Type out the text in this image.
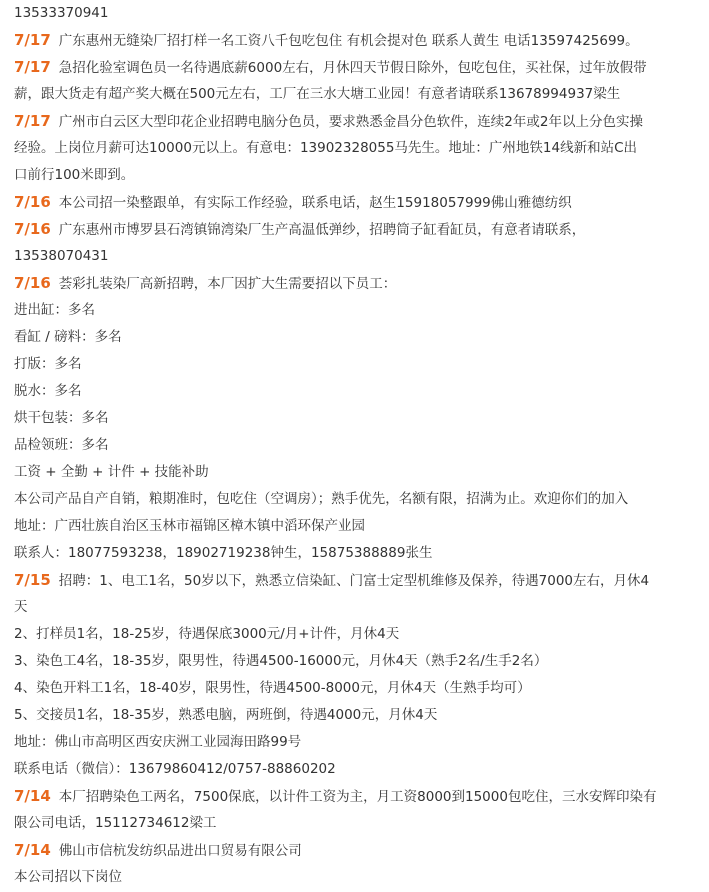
13533370941
7/17 广东惠州无缝染厂招打样一名工资八千包吃包住 有机会提对色 联系人黄生 电话13597425699。
7/17 急招化验室调色员一名待遇底薪6000左右，月休四天节假日除外，包吃包住，买社保，过年放假带
薪，跟大货走有超产奖大概在500元左右，工厂在三水大塘工业园！有意者请联系13678994937梁生
7/17 广州市白云区大型印花企业招聘电脑分色员，要求熟悉金昌分色软件，连续2年或2年以上分色实操
经验。上岗位月薪可达10000元以上。有意电：13902328055马先生。地址：广州地铁14线新和站C出
口前行100米即到。
7/16 本公司招一染整跟单，有实际工作经验，联系电话，赵生15918057999佛山雅德纺织
7/16 广东惠州市博罗县石湾镇锦湾染厂生产高温低弹纱，招聘筒子缸看缸员，有意者请联系，
13538070431
7/16 荟彩扎装染厂高新招聘，本厂因扩大生需要招以下员工：
进出缸：多名
看缸 / 磅料：多名
打版：多名
脱水：多名
烘干包装：多名
品检领班：多名
工资 + 全勤 + 计件 + 技能补助
本公司产品自产自销，粮期准时，包吃住（空调房）；熟手优先，名额有限，招满为止。欢迎你们的加入
地址：广西壮族自治区玉林市福锦区樟木镇中滔环保产业园
联系人：18077593238，18902719238钟生，15875388889张生
7/15 招聘：1、电工1名，50岁以下，熟悉立信染缸、门富士定型机维修及保养，待遇7000左右，月休4
天
2、打样员1名，18-25岁，待遇保底3000元/月+计件，月休4天
3、染色工4名，18-35岁，限男性，待遇4500-16000元，月休4天（熟手2名/生手2名）
4、染色开料工1名，18-40岁，限男性，待遇4500-8000元，月休4天（生熟手均可）
5、交接员1名，18-35岁，熟悉电脑，两班倒，待遇4000元，月休4天
地址：佛山市高明区西安庆洲工业园海田路99号
联系电话（微信）：13679860412/0757-88860202
7/14 本厂招聘染色工两名，7500保底，以计件工资为主，月工资8000到15000包吃住，三水安辉印染有
限公司电话，15112734612梁工
7/14 佛山市信杭发纺织品进出口贸易有限公司
本公司招以下岗位
